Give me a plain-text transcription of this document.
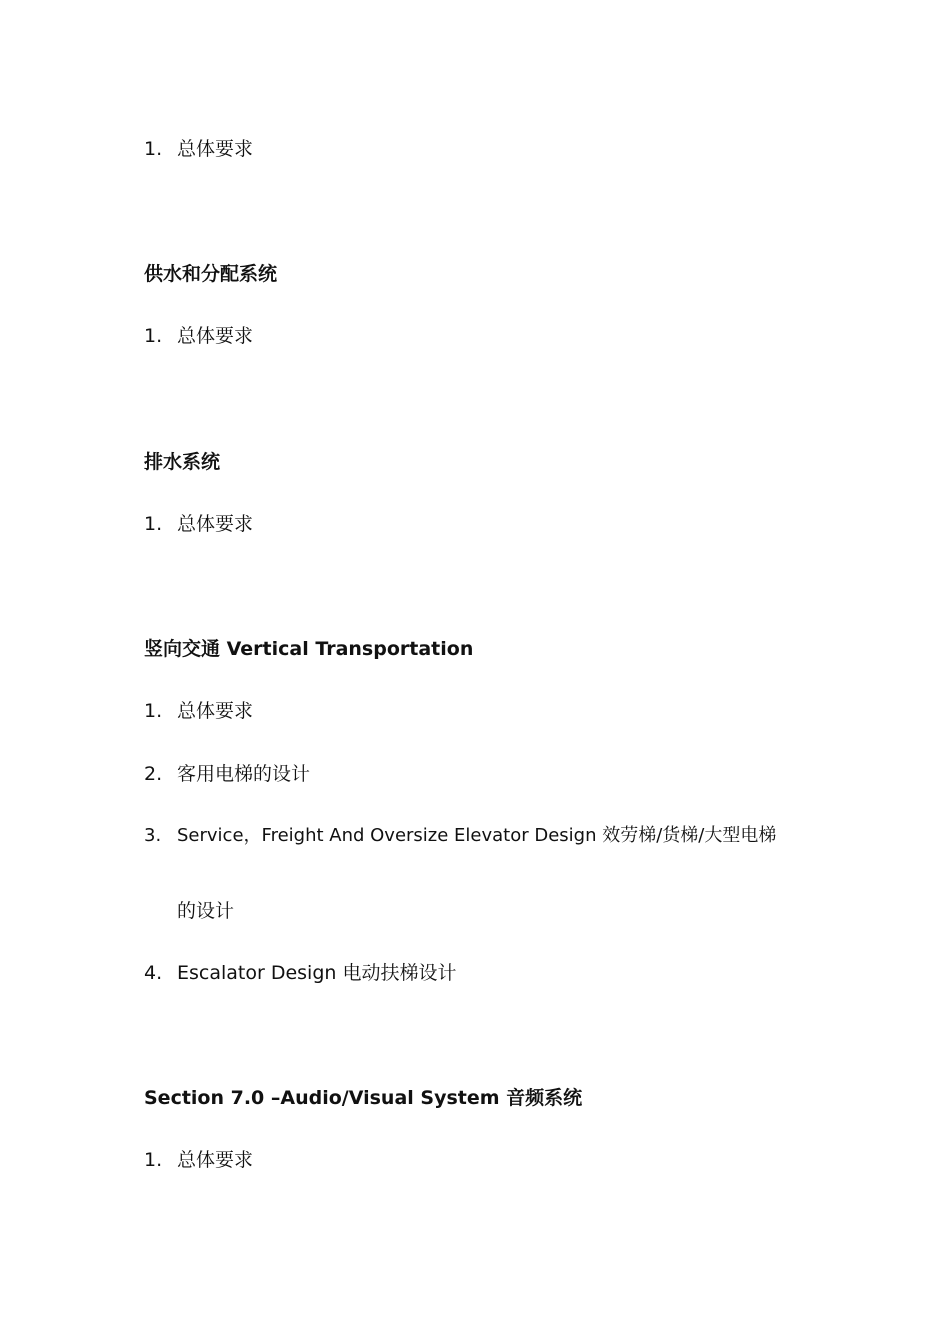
1. 总体要求
供水和分配系统
1. 总体要求
排水系统
1. 总体要求
竖向交通 Vertical Transportation
1. 总体要求
2. 客用电梯的设计
3. Service，Freight And Oversize Elevator Design 效劳梯/货梯/大型电梯
的设计
4. Escalator Design 电动扶梯设计
Section 7.0 –Audio/Visual System 音频系统
1. 总体要求
